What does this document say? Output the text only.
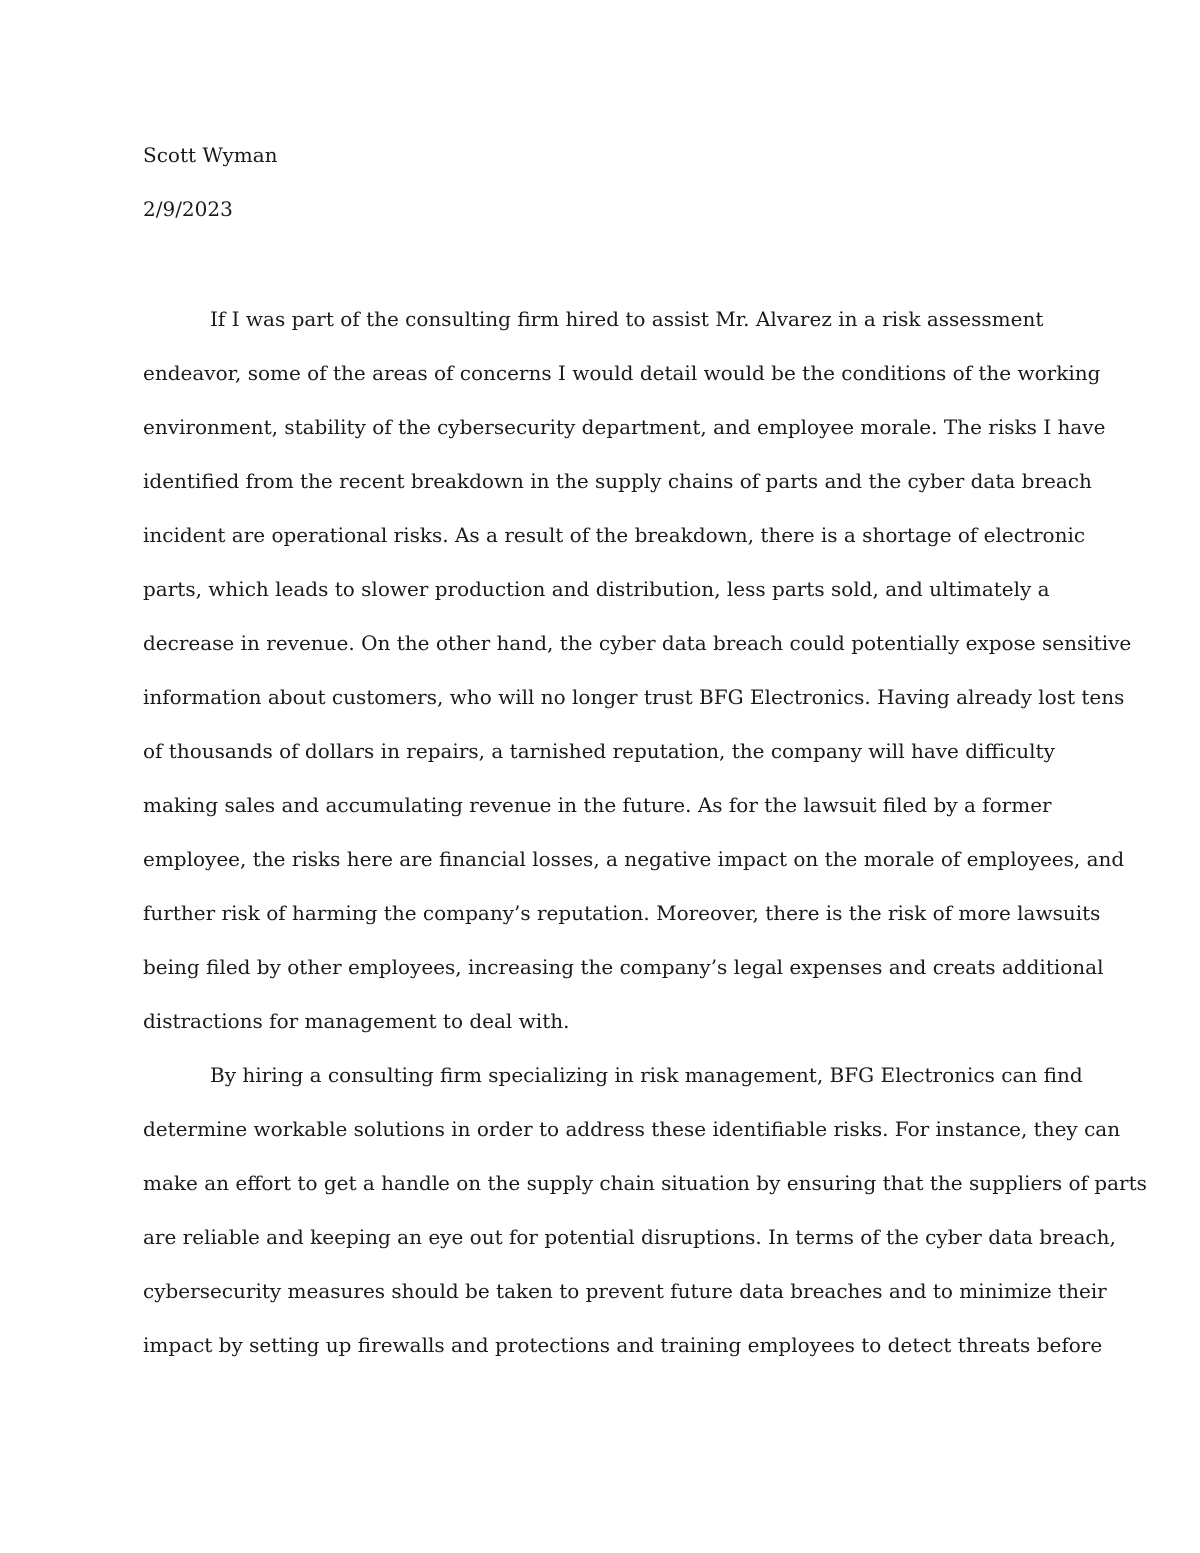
Scott Wyman

2/9/2023

If I was part of the consulting firm hired to assist Mr. Alvarez in a risk assessment
endeavor, some of the areas of concerns I would detail would be the conditions of the working
environment, stability of the cybersecurity department, and employee morale. The risks I have
identified from the recent breakdown in the supply chains of parts and the cyber data breach
incident are operational risks. As a result of the breakdown, there is a shortage of electronic
parts, which leads to slower production and distribution, less parts sold, and ultimately a
decrease in revenue. On the other hand, the cyber data breach could potentially expose sensitive
information about customers, who will no longer trust BFG Electronics. Having already lost tens
of thousands of dollars in repairs, a tarnished reputation, the company will have difficulty
making sales and accumulating revenue in the future. As for the lawsuit filed by a former
employee, the risks here are financial losses, a negative impact on the morale of employees, and
further risk of harming the company’s reputation. Moreover, there is the risk of more lawsuits
being filed by other employees, increasing the company’s legal expenses and creats additional
distractions for management to deal with.
By hiring a consulting firm specializing in risk management, BFG Electronics can find
determine workable solutions in order to address these identifiable risks. For instance, they can
make an effort to get a handle on the supply chain situation by ensuring that the suppliers of parts
are reliable and keeping an eye out for potential disruptions. In terms of the cyber data breach,
cybersecurity measures should be taken to prevent future data breaches and to minimize their
impact by setting up firewalls and protections and training employees to detect threats before
